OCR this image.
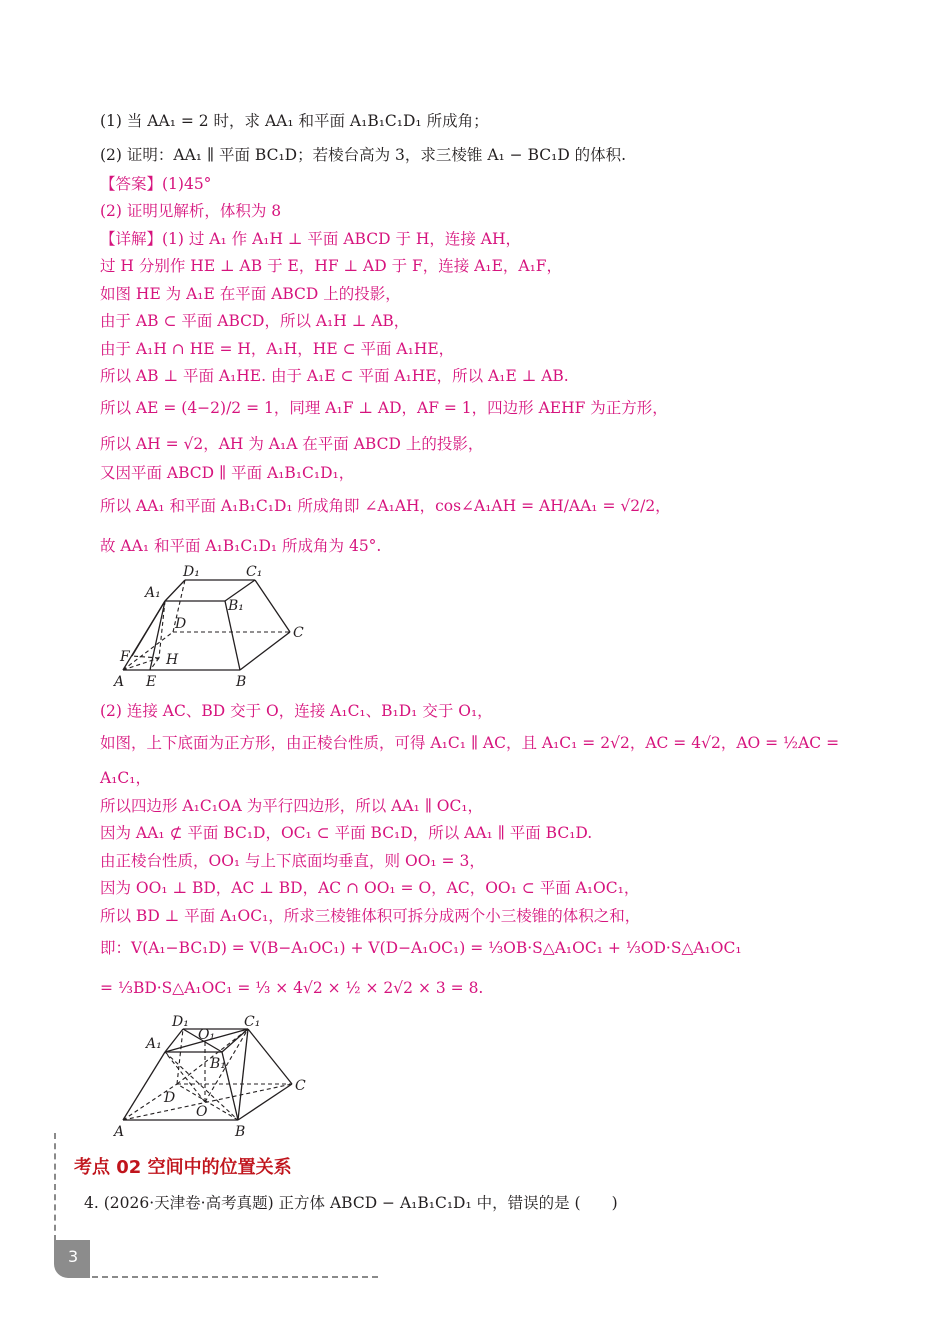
(1) 当 AA₁ = 2 时，求 AA₁ 和平面 A₁B₁C₁D₁ 所成角；
(2) 证明：AA₁ ∥ 平面 BC₁D；若棱台高为 3，求三棱锥 A₁ − BC₁D 的体积.
【答案】(1)45°
(2) 证明见解析，体积为 8
【详解】(1) 过 A₁ 作 A₁H ⊥ 平面 ABCD 于 H，连接 AH，
过 H 分别作 HE ⊥ AB 于 E，HF ⊥ AD 于 F，连接 A₁E，A₁F，
如图 HE 为 A₁E 在平面 ABCD 上的投影，
由于 AB ⊂ 平面 ABCD，所以 A₁H ⊥ AB，
由于 A₁H ∩ HE = H，A₁H，HE ⊂ 平面 A₁HE，
所以 AB ⊥ 平面 A₁HE. 由于 A₁E ⊂ 平面 A₁HE，所以 A₁E ⊥ AB.
所以 AE = (4−2)/2 = 1，同理 A₁F ⊥ AD，AF = 1，四边形 AEHF 为正方形，
所以 AH = √2，AH 为 A₁A 在平面 ABCD 上的投影，
又因平面 ABCD ∥ 平面 A₁B₁C₁D₁，
所以 AA₁ 和平面 A₁B₁C₁D₁ 所成角即 ∠A₁AH，cos∠A₁AH = AH/AA₁ = √2/2，
故 AA₁ 和平面 A₁B₁C₁D₁ 所成角为 45°.
A E	B
C
D
F	H
A₁
B₁
C₁
D₁
(2) 连接 AC、BD 交于 O，连接 A₁C₁、B₁D₁ 交于 O₁，
如图，上下底面为正方形，由正棱台性质，可得 A₁C₁ ∥ AC，且 A₁C₁ = 2√2，AC = 4√2，AO = ½AC =
A₁C₁，
所以四边形 A₁C₁OA 为平行四边形，所以 AA₁ ∥ OC₁，
因为 AA₁ ⊄ 平面 BC₁D，OC₁ ⊂ 平面 BC₁D，所以 AA₁ ∥ 平面 BC₁D.
由正棱台性质，OO₁ 与上下底面均垂直，则 OO₁ = 3，
因为 OO₁ ⊥ BD，AC ⊥ BD，AC ∩ OO₁ = O，AC，OO₁ ⊂ 平面 A₁OC₁，
所以 BD ⊥ 平面 A₁OC₁，所求三棱锥体积可拆分成两个小三棱锥的体积之和，
即：V(A₁−BC₁D) = V(B−A₁OC₁) + V(D−A₁OC₁) = ⅓OB·S△A₁OC₁ + ⅓OD·S△A₁OC₁
= ⅓BD·S△A₁OC₁ = ⅓ × 4√2 × ½ × 2√2 × 3 = 8.
A	B
C
D
O
O₁
A₁
B₁
C₁
D₁
考点 02 空间中的位置关系
4. (2026·天津卷·高考真题) 正方体 ABCD − A₁B₁C₁D₁ 中，错误的是 (　　)
3
